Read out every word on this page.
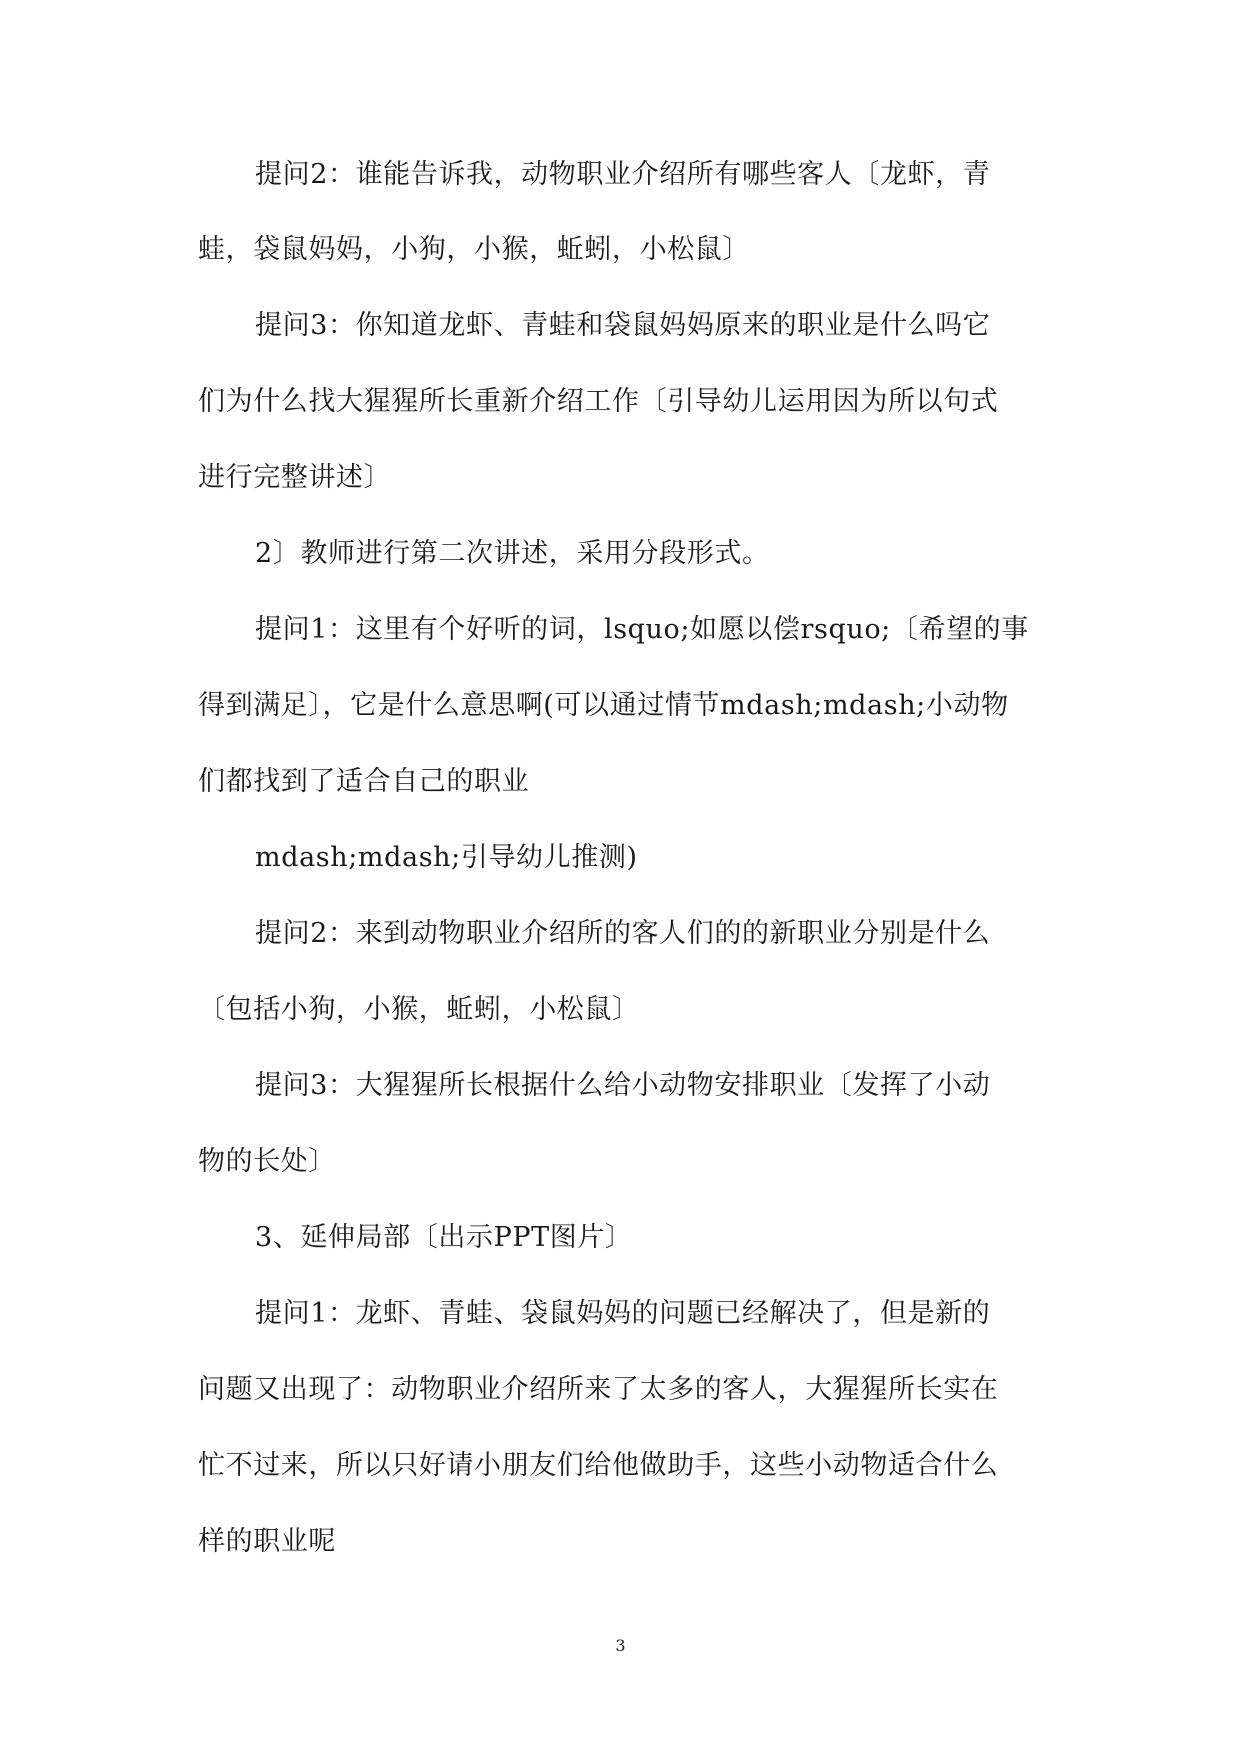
提问2：谁能告诉我，动物职业介绍所有哪些客人〔龙虾，青
蛙，袋鼠妈妈，小狗，小猴，蚯蚓，小松鼠〕
提问3：你知道龙虾、青蛙和袋鼠妈妈原来的职业是什么吗它
们为什么找大猩猩所长重新介绍工作〔引导幼儿运用因为所以句式
进行完整讲述〕
2〕教师进行第二次讲述，采用分段形式。
提问1：这里有个好听的词，lsquo;如愿以偿rsquo;〔希望的事
得到满足〕，它是什么意思啊(可以通过情节mdash;mdash;小动物
们都找到了适合自己的职业
mdash;mdash;引导幼儿推测)
提问2：来到动物职业介绍所的客人们的的新职业分别是什么
〔包括小狗，小猴，蚯蚓，小松鼠〕
提问3：大猩猩所长根据什么给小动物安排职业〔发挥了小动
物的长处〕
3、延伸局部〔出示PPT图片〕
提问1：龙虾、青蛙、袋鼠妈妈的问题已经解决了，但是新的
问题又出现了：动物职业介绍所来了太多的客人，大猩猩所长实在
忙不过来，所以只好请小朋友们给他做助手，这些小动物适合什么
样的职业呢
3
